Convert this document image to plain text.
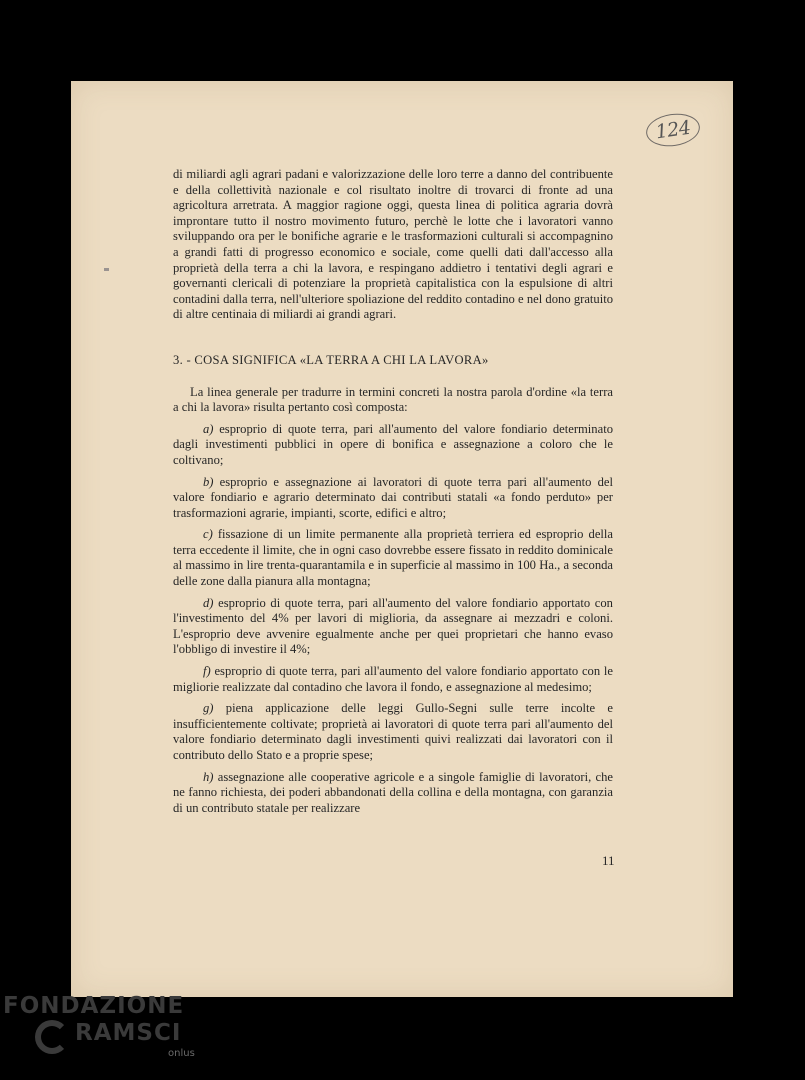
124

di miliardi agli agrari padani e valorizzazione delle loro terre a danno del contribuente e della collettività nazionale e col risultato inoltre di trovarci di fronte ad una agricoltura arretrata. A maggior ragione oggi, questa linea di politica agraria dovrà improntare tutto il nostro movimento futuro, perchè le lotte che i lavoratori vanno sviluppando ora per le bonifiche agrarie e le trasformazioni culturali si accompagnino a grandi fatti di progresso economico e sociale, come quelli dati dall'accesso alla proprietà della terra a chi la lavora, e respingano addietro i tentativi degli agrari e governanti clericali di potenziare la proprietà capitalistica con la espulsione di altri contadini dalla terra, nell'ulteriore spoliazione del reddito contadino e nel dono gratuito di altre centinaia di miliardi ai grandi agrari.

3. - COSA SIGNIFICA «LA TERRA A CHI LA LAVORA»

La linea generale per tradurre in termini concreti la nostra parola d'ordine «la terra a chi la lavora» risulta pertanto così composta:

a) esproprio di quote terra, pari all'aumento del valore fondiario determinato dagli investimenti pubblici in opere di bonifica e assegnazione a coloro che le coltivano;

b) esproprio e assegnazione ai lavoratori di quote terra pari all'aumento del valore fondiario e agrario determinato dai contributi statali «a fondo perduto» per trasformazioni agrarie, impianti, scorte, edifici e altro;

c) fissazione di un limite permanente alla proprietà terriera ed esproprio della terra eccedente il limite, che in ogni caso dovrebbe essere fissato in reddito dominicale al massimo in lire trenta-quarantamila e in superficie al massimo in 100 Ha., a seconda delle zone dalla pianura alla montagna;

d) esproprio di quote terra, pari all'aumento del valore fondiario apportato con l'investimento del 4% per lavori di miglioria, da assegnare ai mezzadri e coloni. L'esproprio deve avvenire egualmente anche per quei proprietari che hanno evaso l'obbligo di investire il 4%;

f) esproprio di quote terra, pari all'aumento del valore fondiario apportato con le migliorie realizzate dal contadino che lavora il fondo, e assegnazione al medesimo;

g) piena applicazione delle leggi Gullo-Segni sulle terre incolte e insufficientemente coltivate; proprietà ai lavoratori di quote terra pari all'aumento del valore fondiario determinato dagli investimenti quivi realizzati dai lavoratori con il contributo dello Stato e a proprie spese;

h) assegnazione alle cooperative agricole e a singole famiglie di lavoratori, che ne fanno richiesta, dei poderi abbandonati della collina e della montagna, con garanzia di un contributo statale per realizzare

11
FONDAZIONE
RAMSCI
onlus
